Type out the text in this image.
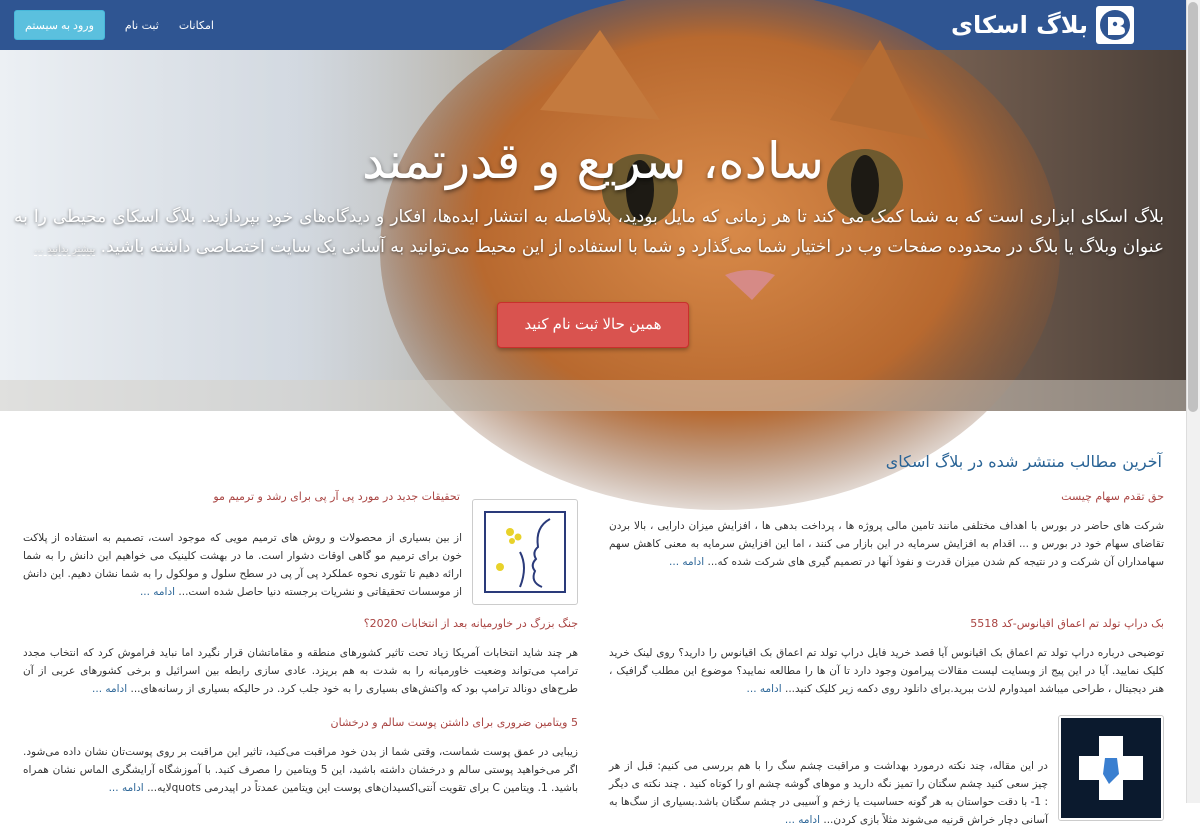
بلاگ اسکای
ورود به سیستم	ثبت نام امکانات
ساده، سریع و قدرتمند
بلاگ اسکای ابزاری است که به شما کمک می کند تا هر زمانی که مایل بودید، بلافاصله به انتشار ایده‌ها، افکار و دیدگاه‌های خود بپردازید. بلاگ اسکای محیطی را به عنوان وبلاگ یا بلاگ در محدوده صفحات وب در اختیار شما می‌گذارد و شما با استفاده از این محیط می‌توانید به آسانی یک سایت اختصاصی داشته باشید. بیشتر بدانید ...
همین حالا ثبت نام کنید
آخرین مطالب منتشر شده در بلاگ اسکای
حق تقدم سهام چیست
شرکت های حاضر در بورس با اهداف مختلفی مانند تامین مالی پروژه ها ، پرداخت بدهی ها ، افزایش میزان دارایی ، بالا بردن تقاضای سهام خود در بورس و ... اقدام به افزایش سرمایه در این بازار می کنند ، اما این افزایش سرمایه به معنی کاهش سهم سهامداران آن شرکت و در نتیجه کم شدن میزان قدرت و نفوذ آنها در تصمیم گیری های شرکت شده که... ادامه ...
تحقیقات جدید در مورد پی آر پی برای رشد و ترمیم مو
از بین بسیاری از محصولات و روش های ترمیم مویی که موجود است، تصمیم به استفاده از پلاکت خون برای ترمیم مو گاهی اوقات دشوار است. ما در بهشت کلینیک می خواهیم این دانش را به شما ارائه دهیم تا تئوری نحوه عملکرد پی آر پی در سطح سلول و مولکول را به شما نشان دهیم. این دانش از موسسات تحقیقاتی و نشریات برجسته دنیا حاصل شده است... ادامه ...
بک دراپ تولد تم اعماق اقیانوس-کد 5518
توضیحی درباره دراپ تولد تم اعماق بک اقیانوس آیا قصد خرید فایل دراپ تولد تم اعماق بک اقیانوس را دارید؟ روی لینک خرید کلیک نمایید. آیا در این پیج از وبسایت لیست مقالات پیرامون وجود دارد تا آن ها را مطالعه نمایید؟ موضوع این مطلب گرافیک ، هنر دیجیتال ، طراحی میباشد امیدوارم لذت ببرید.برای دانلود روی دکمه زیر کلیک کنید... ادامه ...
جنگ بزرگ در خاورمیانه بعد از انتخابات 2020؟
هر چند شاید انتخابات آمریکا زیاد تحت تاثیر کشورهای منطقه و مقاماتشان قرار نگیرد اما نباید فراموش کرد که انتخاب مجدد ترامپ می‌تواند وضعیت خاورمیانه را به شدت به هم بریزد. عادی سازی رابطه بین اسرائیل و برخی کشورهای عربی از آن طرح‌های دونالد ترامپ بود که واکنش‌های بسیاری را به خود جلب کرد. در حالیکه بسیاری از رسانه‌های... ادامه ...
در این مقاله، چند نکته درمورد بهداشت و مراقبت چشم سگ را با هم بررسی می کنیم: قبل از هر چیز سعی کنید چشم سگتان را تمیز نگه دارید و موهای گوشه چشم او را کوتاه کنید . چند نکته ی دیگر : 1- با دقت حواستان به هر گونه حساسیت یا زخم و آسیبی در چشم سگتان باشد.بسیاری از سگ‌ها به آسانی دچار خراش قرنیه می‌شوند مثلاً بازی کردن... ادامه ...
5 ویتامین ضروری برای داشتن پوست سالم و درخشان
زیبایی در عمق پوست شماست، وقتی شما از بدن خود مراقبت می‌کنید، تاثیر این مراقبت بر روی پوست‌تان نشان داده می‌شود. اگر می‌خواهید پوستی سالم و درخشان داشته باشید، این 5 ویتامین را مصرف کنید. با آموزشگاه آرایشگری الماس نشان همراه باشید. 1. ویتامین C برای تقویت آنتی‌اکسیدان‌های پوست این ویتامین عمدتاً در اپیدرمی quotsلایه... ادامه ...
